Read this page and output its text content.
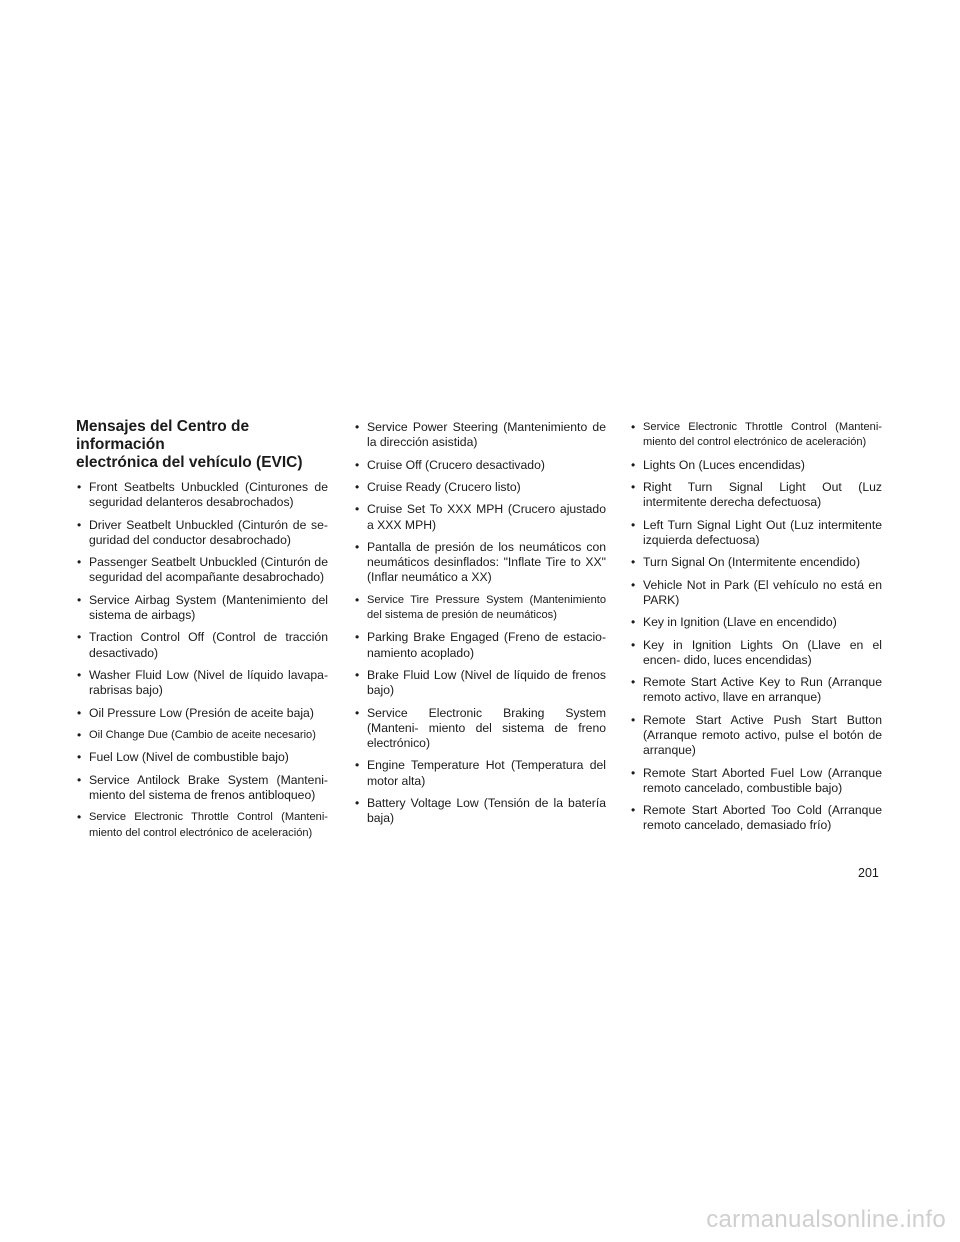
Mensajes del Centro de información
electrónica del vehículo (EVIC)
• Front Seatbelts Unbuckled (Cinturones de seguridad delanteros desabrochados)
• Driver Seatbelt Unbuckled (Cinturón de se- guridad del conductor desabrochado)
• Passenger Seatbelt Unbuckled (Cinturón de seguridad del acompañante desabrochado)
• Service Airbag System (Mantenimiento del sistema de airbags)
• Traction Control Off (Control de tracción desactivado)
• Washer Fluid Low (Nivel de líquido lavapa- rabrisas bajo)
• Oil Pressure Low (Presión de aceite baja)
• Oil Change Due (Cambio de aceite necesario)
• Fuel Low (Nivel de combustible bajo)
• Service Antilock Brake System (Manteni- miento del sistema de frenos antibloqueo)
• Service Electronic Throttle Control (Manteni- miento del control electrónico de aceleración)
• Service Power Steering (Mantenimiento de la dirección asistida)
• Cruise Off (Crucero desactivado)
• Cruise Ready (Crucero listo)
• Cruise Set To XXX MPH (Crucero ajustado a XXX MPH)
• Pantalla de presión de los neumáticos con neumáticos desinflados: "Inflate Tire to XX" (Inflar neumático a XX)
• Service Tire Pressure System (Mantenimiento del sistema de presión de neumáticos)
• Parking Brake Engaged (Freno de estacio- namiento acoplado)
• Brake Fluid Low (Nivel de líquido de frenos bajo)
• Service Electronic Braking System (Manteni- miento del sistema de freno electrónico)
• Engine Temperature Hot (Temperatura del motor alta)
• Battery Voltage Low (Tensión de la batería baja)
• Service Electronic Throttle Control (Manteni- miento del control electrónico de aceleración)
• Lights On (Luces encendidas)
• Right Turn Signal Light Out (Luz intermitente derecha defectuosa)
• Left Turn Signal Light Out (Luz intermitente izquierda defectuosa)
• Turn Signal On (Intermitente encendido)
• Vehicle Not in Park (El vehículo no está en PARK)
• Key in Ignition (Llave en encendido)
• Key in Ignition Lights On (Llave en el encen- dido, luces encendidas)
• Remote Start Active Key to Run (Arranque remoto activo, llave en arranque)
• Remote Start Active Push Start Button (Arranque remoto activo, pulse el botón de arranque)
• Remote Start Aborted Fuel Low (Arranque remoto cancelado, combustible bajo)
• Remote Start Aborted Too Cold (Arranque remoto cancelado, demasiado frío)
201
carmanualsonline.info
